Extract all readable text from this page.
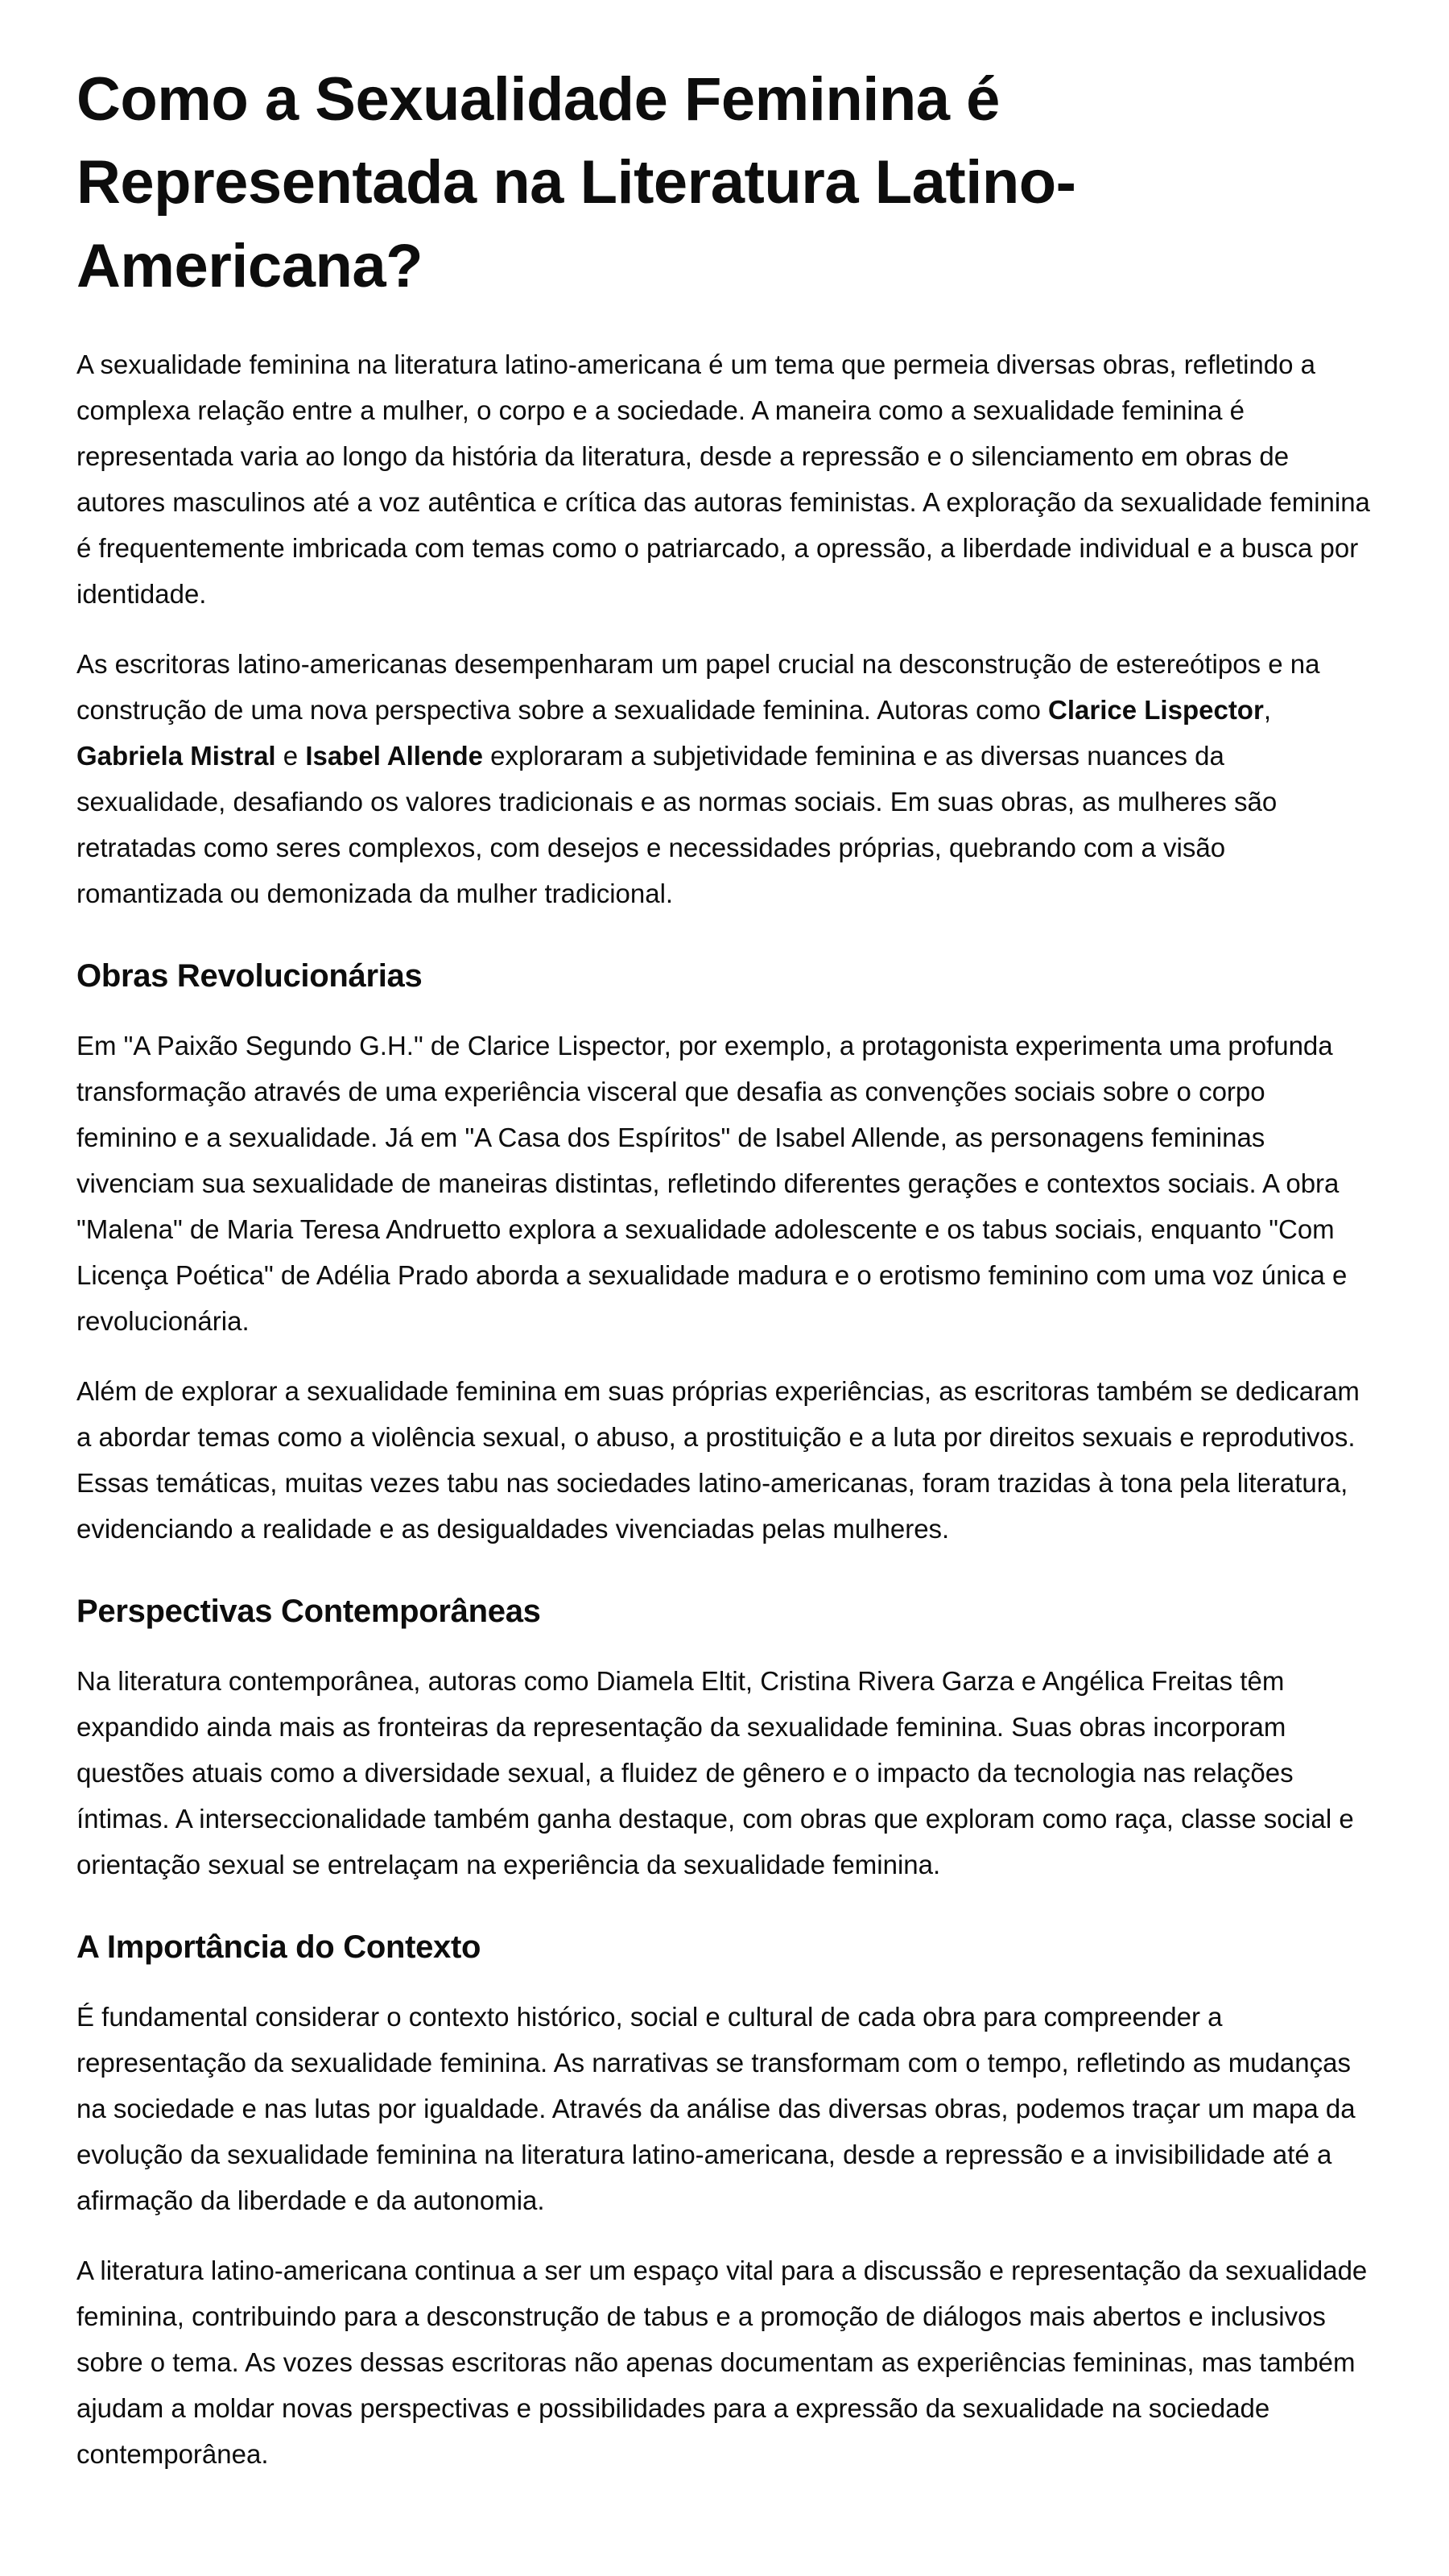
Como a Sexualidade Feminina é Representada na Literatura Latino-Americana?

A sexualidade feminina na literatura latino-americana é um tema que permeia diversas obras, refletindo a complexa relação entre a mulher, o corpo e a sociedade. A maneira como a sexualidade feminina é representada varia ao longo da história da literatura, desde a repressão e o silenciamento em obras de autores masculinos até a voz autêntica e crítica das autoras feministas. A exploração da sexualidade feminina é frequentemente imbricada com temas como o patriarcado, a opressão, a liberdade individual e a busca por identidade.

As escritoras latino-americanas desempenharam um papel crucial na desconstrução de estereótipos e na construção de uma nova perspectiva sobre a sexualidade feminina. Autoras como Clarice Lispector, Gabriela Mistral e Isabel Allende exploraram a subjetividade feminina e as diversas nuances da sexualidade, desafiando os valores tradicionais e as normas sociais. Em suas obras, as mulheres são retratadas como seres complexos, com desejos e necessidades próprias, quebrando com a visão romantizada ou demonizada da mulher tradicional.

Obras Revolucionárias

Em "A Paixão Segundo G.H." de Clarice Lispector, por exemplo, a protagonista experimenta uma profunda transformação através de uma experiência visceral que desafia as convenções sociais sobre o corpo feminino e a sexualidade. Já em "A Casa dos Espíritos" de Isabel Allende, as personagens femininas vivenciam sua sexualidade de maneiras distintas, refletindo diferentes gerações e contextos sociais. A obra "Malena" de Maria Teresa Andruetto explora a sexualidade adolescente e os tabus sociais, enquanto "Com Licença Poética" de Adélia Prado aborda a sexualidade madura e o erotismo feminino com uma voz única e revolucionária.

Além de explorar a sexualidade feminina em suas próprias experiências, as escritoras também se dedicaram a abordar temas como a violência sexual, o abuso, a prostituição e a luta por direitos sexuais e reprodutivos. Essas temáticas, muitas vezes tabu nas sociedades latino-americanas, foram trazidas à tona pela literatura, evidenciando a realidade e as desigualdades vivenciadas pelas mulheres.

Perspectivas Contemporâneas

Na literatura contemporânea, autoras como Diamela Eltit, Cristina Rivera Garza e Angélica Freitas têm expandido ainda mais as fronteiras da representação da sexualidade feminina. Suas obras incorporam questões atuais como a diversidade sexual, a fluidez de gênero e o impacto da tecnologia nas relações íntimas. A interseccionalidade também ganha destaque, com obras que exploram como raça, classe social e orientação sexual se entrelaçam na experiência da sexualidade feminina.

A Importância do Contexto

É fundamental considerar o contexto histórico, social e cultural de cada obra para compreender a representação da sexualidade feminina. As narrativas se transformam com o tempo, refletindo as mudanças na sociedade e nas lutas por igualdade. Através da análise das diversas obras, podemos traçar um mapa da evolução da sexualidade feminina na literatura latino-americana, desde a repressão e a invisibilidade até a afirmação da liberdade e da autonomia.

A literatura latino-americana continua a ser um espaço vital para a discussão e representação da sexualidade feminina, contribuindo para a desconstrução de tabus e a promoção de diálogos mais abertos e inclusivos sobre o tema. As vozes dessas escritoras não apenas documentam as experiências femininas, mas também ajudam a moldar novas perspectivas e possibilidades para a expressão da sexualidade na sociedade contemporânea.
